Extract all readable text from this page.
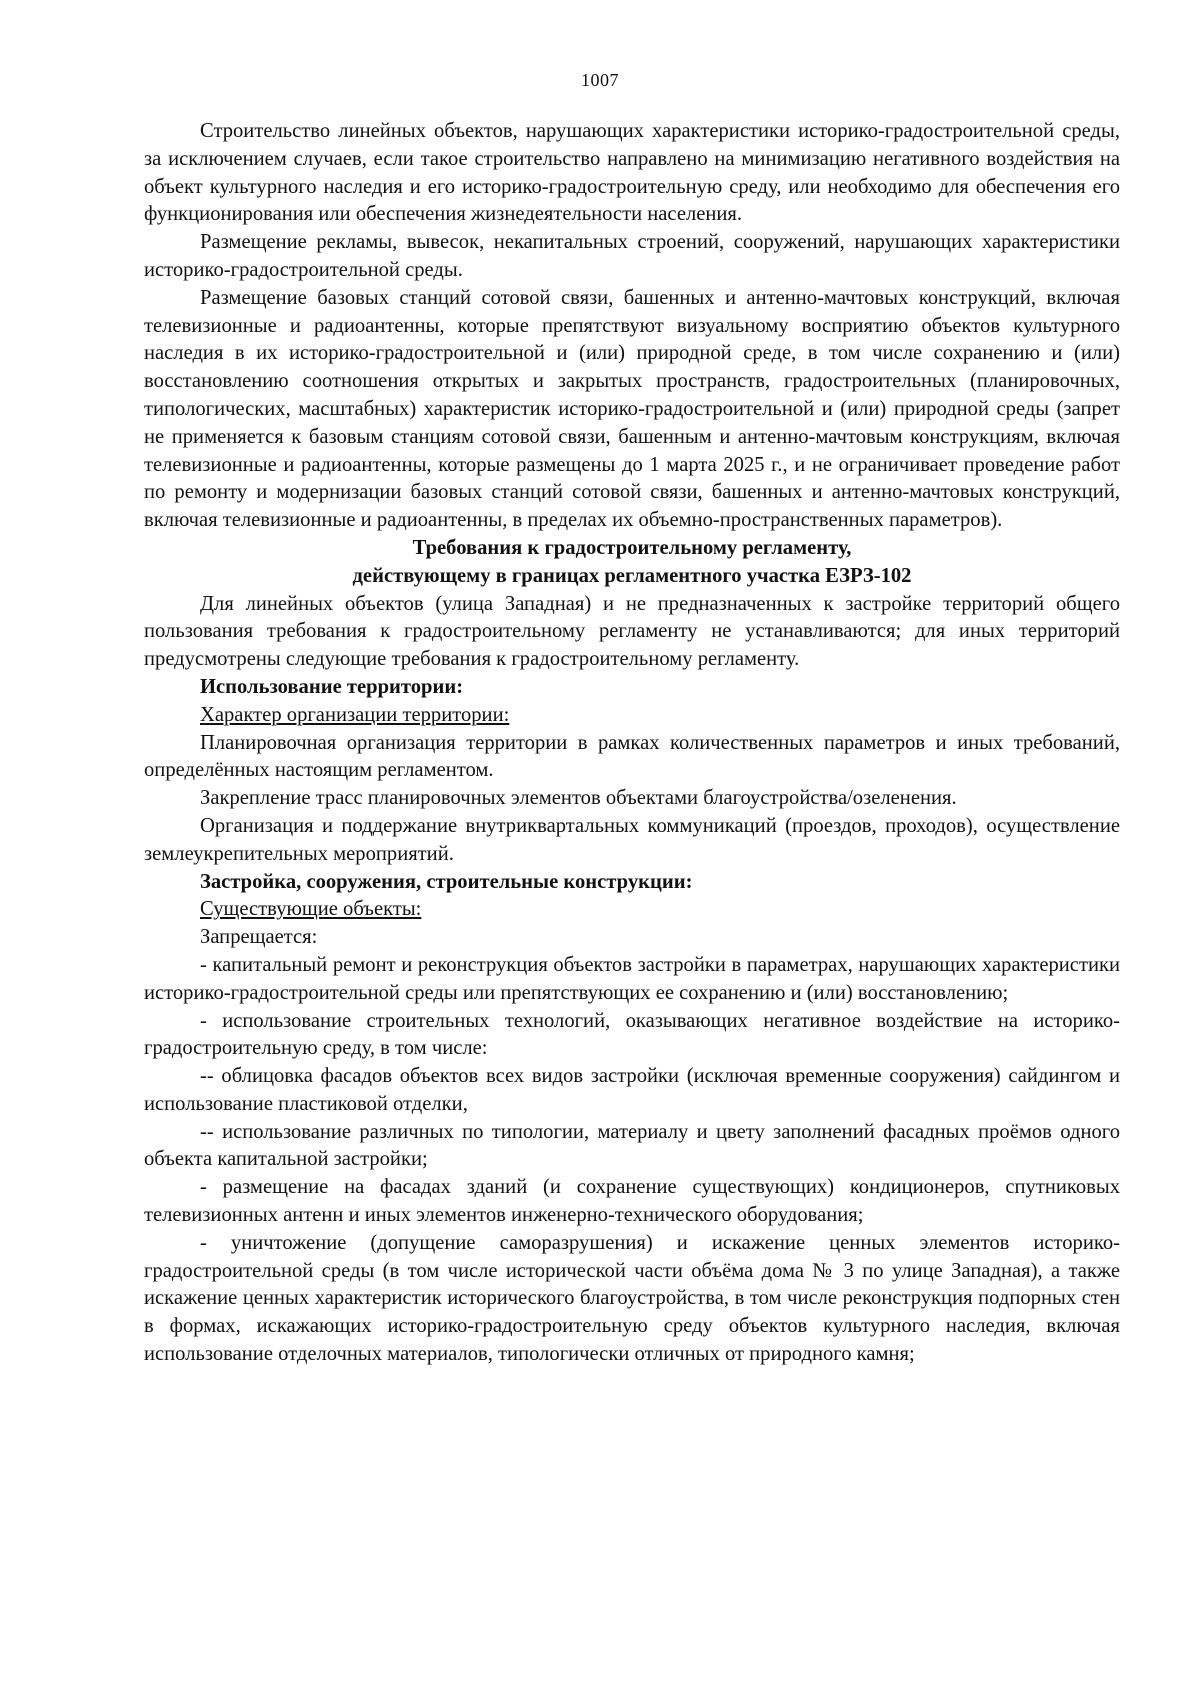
1007

Строительство линейных объектов, нарушающих характеристики историко-градостроительной среды, за исключением случаев, если такое строительство направлено на минимизацию негативного воздействия на объект культурного наследия и его историко-градостроительную среду, или необходимо для обеспечения его функционирования или обеспечения жизнедеятельности населения.

Размещение рекламы, вывесок, некапитальных строений, сооружений, нарушающих характеристики историко-градостроительной среды.

Размещение базовых станций сотовой связи, башенных и антенно-мачтовых конструкций, включая телевизионные и радиоантенны, которые препятствуют визуальному восприятию объектов культурного наследия в их историко-градостроительной и (или) природной среде, в том числе сохранению и (или) восстановлению соотношения открытых и закрытых пространств, градостроительных (планировочных, типологических, масштабных) характеристик историко-градостроительной и (или) природной среды (запрет не применяется к базовым станциям сотовой связи, башенным и антенно-мачтовым конструкциям, включая телевизионные и радиоантенны, которые размещены до 1 марта 2025 г., и не ограничивает проведение работ по ремонту и модернизации базовых станций сотовой связи, башенных и антенно-мачтовых конструкций, включая телевизионные и радиоантенны, в пределах их объемно-пространственных параметров).

Требования к градостроительному регламенту,

действующему в границах регламентного участка ЕЗРЗ-102

Для линейных объектов (улица Западная) и не предназначенных к застройке территорий общего пользования требования к градостроительному регламенту не устанавливаются; для иных территорий предусмотрены следующие требования к градостроительному регламенту.

Использование территории:

Характер организации территории:

Планировочная организация территории в рамках количественных параметров и иных требований, определённых настоящим регламентом.

Закрепление трасс планировочных элементов объектами благоустройства/озеленения.

Организация и поддержание внутриквартальных коммуникаций (проездов, проходов), осуществление землеукрепительных мероприятий.

Застройка, сооружения, строительные конструкции:

Существующие объекты:

Запрещается:

- капитальный ремонт и реконструкция объектов застройки в параметрах, нарушающих характеристики историко-градостроительной среды или препятствующих ее сохранению и (или) восстановлению;

- использование строительных технологий, оказывающих негативное воздействие на историко-градостроительную среду, в том числе:

-- облицовка фасадов объектов всех видов застройки (исключая временные сооружения) сайдингом и использование пластиковой отделки,

-- использование различных по типологии, материалу и цвету заполнений фасадных проёмов одного объекта капитальной застройки;

- размещение на фасадах зданий (и сохранение существующих) кондиционеров, спутниковых телевизионных антенн и иных элементов инженерно-технического оборудования;

- уничтожение (допущение саморазрушения) и искажение ценных элементов историко-градостроительной среды (в том числе исторической части объёма дома № 3 по улице Западная), а также искажение ценных характеристик исторического благоустройства, в том числе реконструкция подпорных стен в формах, искажающих историко-градостроительную среду объектов культурного наследия, включая использование отделочных материалов, типологически отличных от природного камня;
